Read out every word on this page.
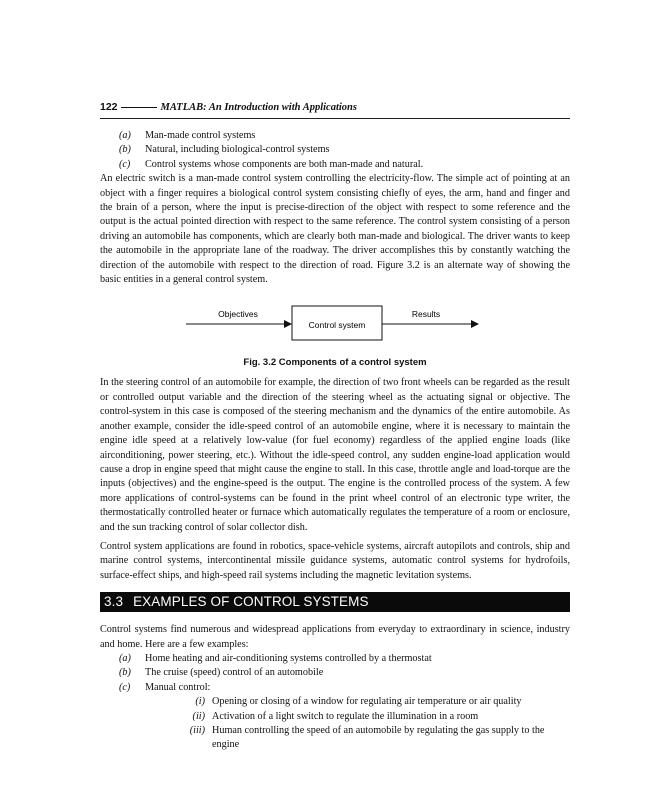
122	MATLAB: An Introduction with Applications
(a) Man-made control systems
(b) Natural, including biological-control systems
(c) Control systems whose components are both man-made and natural.

An electric switch is a man-made control system controlling the electricity-flow. The simple act of pointing at an object with a finger requires a biological control system consisting chiefly of eyes, the arm, hand and finger and the brain of a person, where the input is precise-direction of the object with respect to some reference and the output is the actual pointed direction with respect to the same reference. The control system consisting of a person driving an automobile has components, which are clearly both man-made and biological. The driver wants to keep the automobile in the appropriate lane of the roadway. The driver accomplishes this by constantly watching the direction of the automobile with respect to the direction of road. Figure 3.2 is an alternate way of showing the basic entities in a general control system.

Objectives
Control system
Results
Fig. 3.2 Components of a control system

In the steering control of an automobile for example, the direction of two front wheels can be regarded as the result or controlled output variable and the direction of the steering wheel as the actuating signal or objective. The control-system in this case is composed of the steering mechanism and the dynamics of the entire automobile. As another example, consider the idle-speed control of an automobile engine, where it is necessary to maintain the engine idle speed at a relatively low-value (for fuel economy) regardless of the applied engine loads (like airconditioning, power steering, etc.). Without the idle-speed control, any sudden engine-load application would cause a drop in engine speed that might cause the engine to stall. In this case, throttle angle and load-torque are the inputs (objectives) and the engine-speed is the output. The engine is the controlled process of the system. A few more applications of control-systems can be found in the print wheel control of an electronic type writer, the thermostatically controlled heater or furnace which automatically regulates the temperature of a room or enclosure, and the sun tracking control of solar collector dish.

Control system applications are found in robotics, space-vehicle systems, aircraft autopilots and controls, ship and marine control systems, intercontinental missile guidance systems, automatic control systems for hydrofoils, surface-effect ships, and high-speed rail systems including the magnetic levitation systems.

3.3 EXAMPLES OF CONTROL SYSTEMS

Control systems find numerous and widespread applications from everyday to extraordinary in science, industry and home. Here are a few examples:

(a) Home heating and air-conditioning systems controlled by a thermostat
(b) The cruise (speed) control of an automobile
(c) Manual control:
(i) Opening or closing of a window for regulating air temperature or air quality
(ii) Activation of a light switch to regulate the illumination in a room
(iii) Human controlling the speed of an automobile by regulating the gas supply to the engine
